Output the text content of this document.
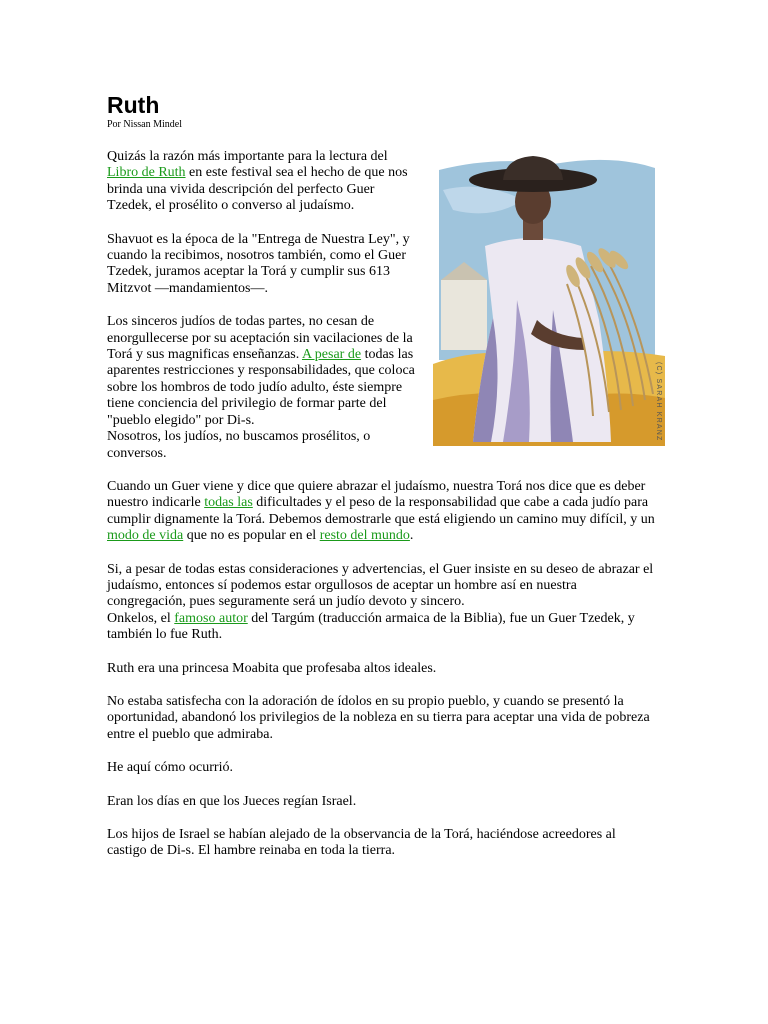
Ruth
Por Nissan Mindel
(C) SARAH KRANZ

Quizás la razón más importante para la lectura del Libro de Ruth en este festival sea el hecho de que nos brinda una vivida descripción del perfecto Guer Tzedek, el prosélito o converso al judaísmo.

Shavuot es la época de la "Entrega de Nuestra Ley", y cuando la recibimos, nosotros también, como el Guer Tzedek, juramos aceptar la Torá y cumplir sus 613 Mitzvot —mandamientos—.

Los sinceros judíos de todas partes, no cesan de enorgullecerse por su aceptación sin vacilaciones de la Torá y sus magnificas enseñanzas. A pesar de todas las aparentes restricciones y responsabilidades, que coloca sobre los hombros de todo judío adulto, éste siempre tiene conciencia del privilegio de formar parte del "pueblo elegido" por Di-s.
Nosotros, los judíos, no buscamos prosélitos, o conversos.

Cuando un Guer viene y dice que quiere abrazar el judaísmo, nuestra Torá nos dice que es deber nuestro indicarle todas las dificultades y el peso de la responsabilidad que cabe a cada judío para cumplir dignamente la Torá. Debemos demostrarle que está eligiendo un camino muy difícil, y un modo de vida que no es popular en el resto del mundo.

Si, a pesar de todas estas consideraciones y advertencias, el Guer insiste en su deseo de abrazar el judaísmo, entonces sí podemos estar orgullosos de aceptar un hombre así en nuestra congregación, pues seguramente será un judío devoto y sincero.
Onkelos, el famoso autor del Targúm (traducción armaica de la Biblia), fue un Guer Tzedek, y también lo fue Ruth.

Ruth era una princesa Moabita que profesaba altos ideales.

No estaba satisfecha con la adoración de ídolos en su propio pueblo, y cuando se presentó la oportunidad, abandonó los privilegios de la nobleza en su tierra para aceptar una vida de pobreza entre el pueblo que admiraba.

He aquí cómo ocurrió.

Eran los días en que los Jueces regían Israel.

Los hijos de Israel se habían alejado de la observancia de la Torá, haciéndose acreedores al castigo de Di-s. El hambre reinaba en toda la tierra.
